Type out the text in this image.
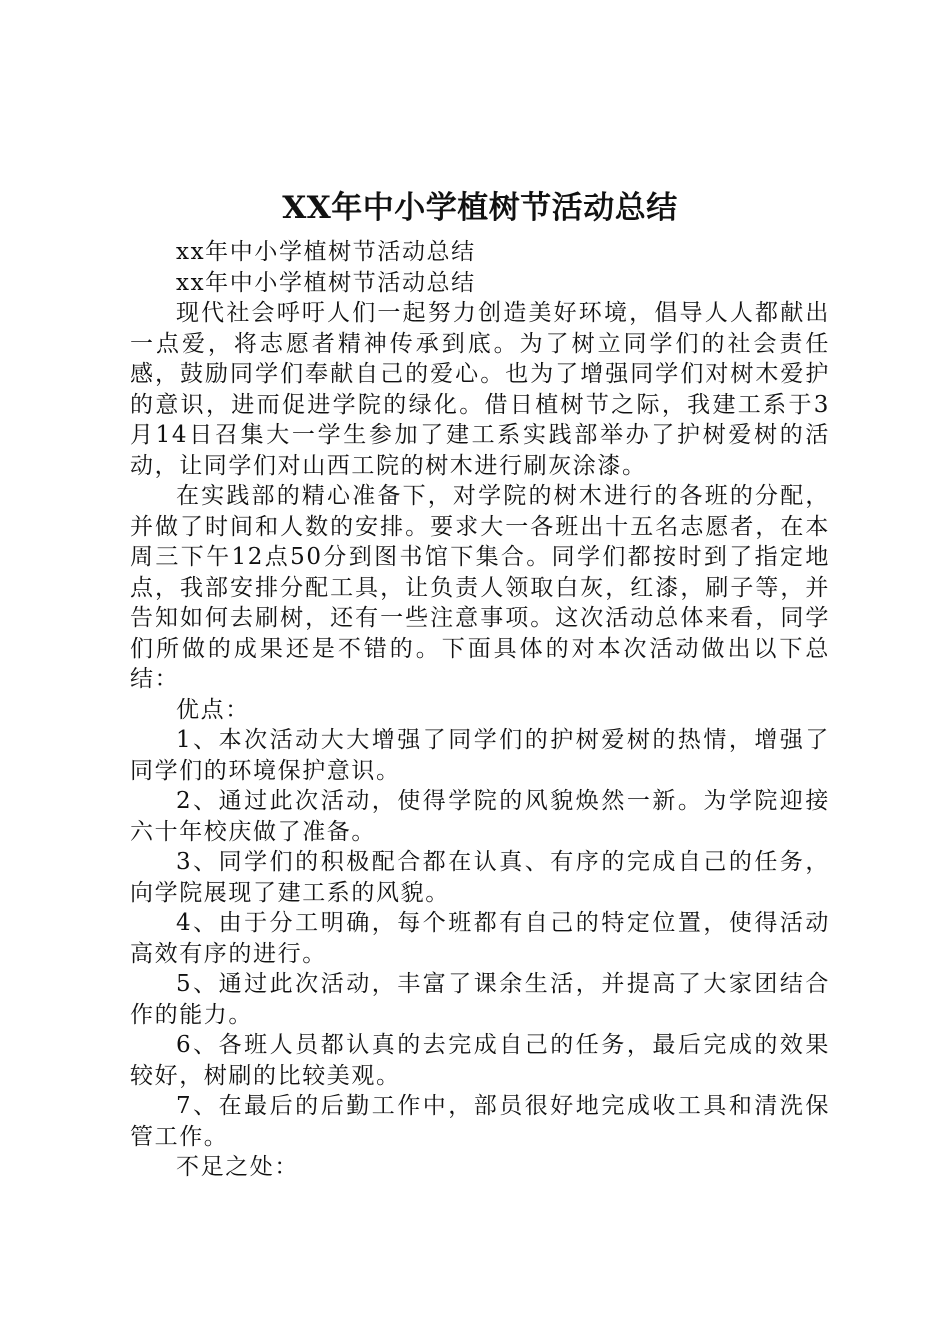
XX年中小学植树节活动总结

xx年中小学植树节活动总结

xx年中小学植树节活动总结

现代社会呼吁人们一起努力创造美好环境，倡导人人都献出一点爱，将志愿者精神传承到底。为了树立同学们的社会责任感，鼓励同学们奉献自己的爱心。也为了增强同学们对树木爱护的意识，进而促进学院的绿化。借日植树节之际，我建工系于3月14日召集大一学生参加了建工系实践部举办了护树爱树的活动，让同学们对山西工院的树木进行刷灰涂漆。

在实践部的精心准备下，对学院的树木进行的各班的分配，并做了时间和人数的安排。要求大一各班出十五名志愿者，在本周三下午12点50分到图书馆下集合。同学们都按时到了指定地点，我部安排分配工具，让负责人领取白灰，红漆，刷子等，并告知如何去刷树，还有一些注意事项。这次活动总体来看，同学们所做的成果还是不错的。下面具体的对本次活动做出以下总结：

优点：

1、本次活动大大增强了同学们的护树爱树的热情，增强了同学们的环境保护意识。

2、通过此次活动，使得学院的风貌焕然一新。为学院迎接六十年校庆做了准备。

3、同学们的积极配合都在认真、有序的完成自己的任务，向学院展现了建工系的风貌。

4、由于分工明确，每个班都有自己的特定位置，使得活动高效有序的进行。

5、通过此次活动，丰富了课余生活，并提高了大家团结合作的能力。

6、各班人员都认真的去完成自己的任务，最后完成的效果较好，树刷的比较美观。

7、在最后的后勤工作中，部员很好地完成收工具和清洗保管工作。

不足之处：
